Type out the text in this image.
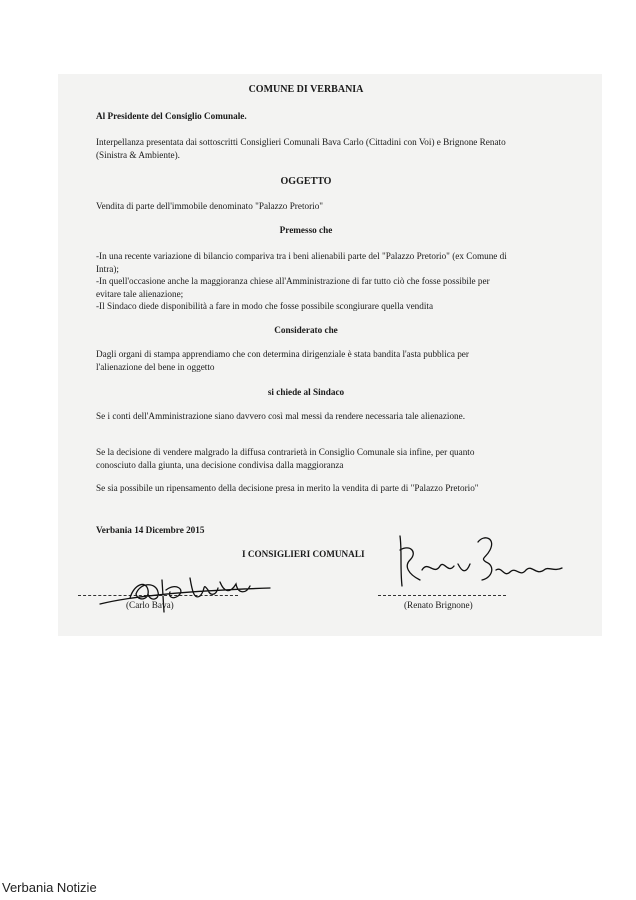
COMUNE DI VERBANIA
Al Presidente del Consiglio Comunale.
Interpellanza presentata dai sottoscritti Consiglieri Comunali Bava Carlo (Cittadini con Voi) e Brignone Renato (Sinistra & Ambiente).
OGGETTO
Vendita di parte dell'immobile denominato "Palazzo Pretorio"
Premesso che
-In una recente variazione di bilancio compariva tra i beni alienabili parte del "Palazzo Pretorio" (ex Comune di Intra);
-In quell'occasione anche la maggioranza chiese all'Amministrazione di far tutto ciò che fosse possibile per evitare tale alienazione;
-Il Sindaco diede disponibilità a fare in modo che fosse possibile scongiurare quella vendita
Considerato che
Dagli organi di stampa apprendiamo che con determina dirigenziale è stata bandita l'asta pubblica per l'alienazione del bene in oggetto
si chiede al Sindaco
Se i conti dell'Amministrazione siano davvero così mal messi da rendere necessaria tale alienazione.
Se la decisione di vendere malgrado la diffusa contrarietà in Consiglio Comunale sia infine, per quanto conosciuto dalla giunta, una decisione condivisa dalla maggioranza
Se sia possibile un ripensamento della decisione presa in merito la vendita di parte di "Palazzo Pretorio"
Verbania 14 Dicembre 2015
I CONSIGLIERI COMUNALI
(Carlo Bava)	(Renato Brignone)
Verbania Notizie
